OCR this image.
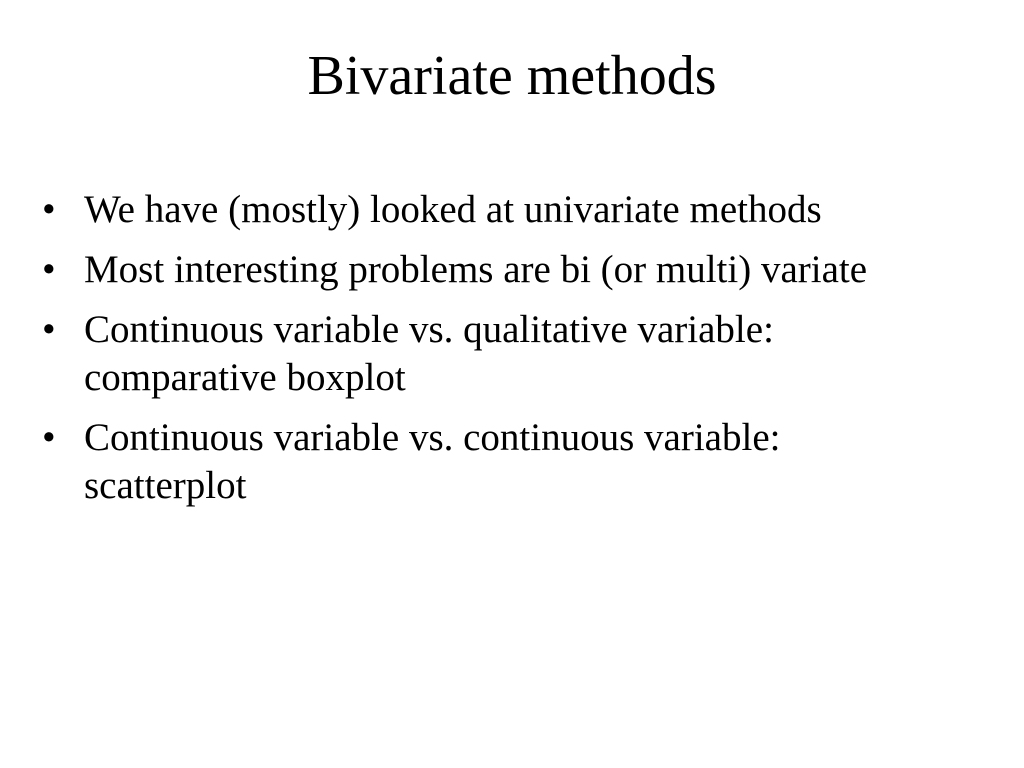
Bivariate methods
• We have (mostly) looked at univariate methods
• Most interesting problems are bi (or multi) variate
• Continuous variable vs. qualitative variable: comparative boxplot
• Continuous variable vs. continuous variable: scatterplot
